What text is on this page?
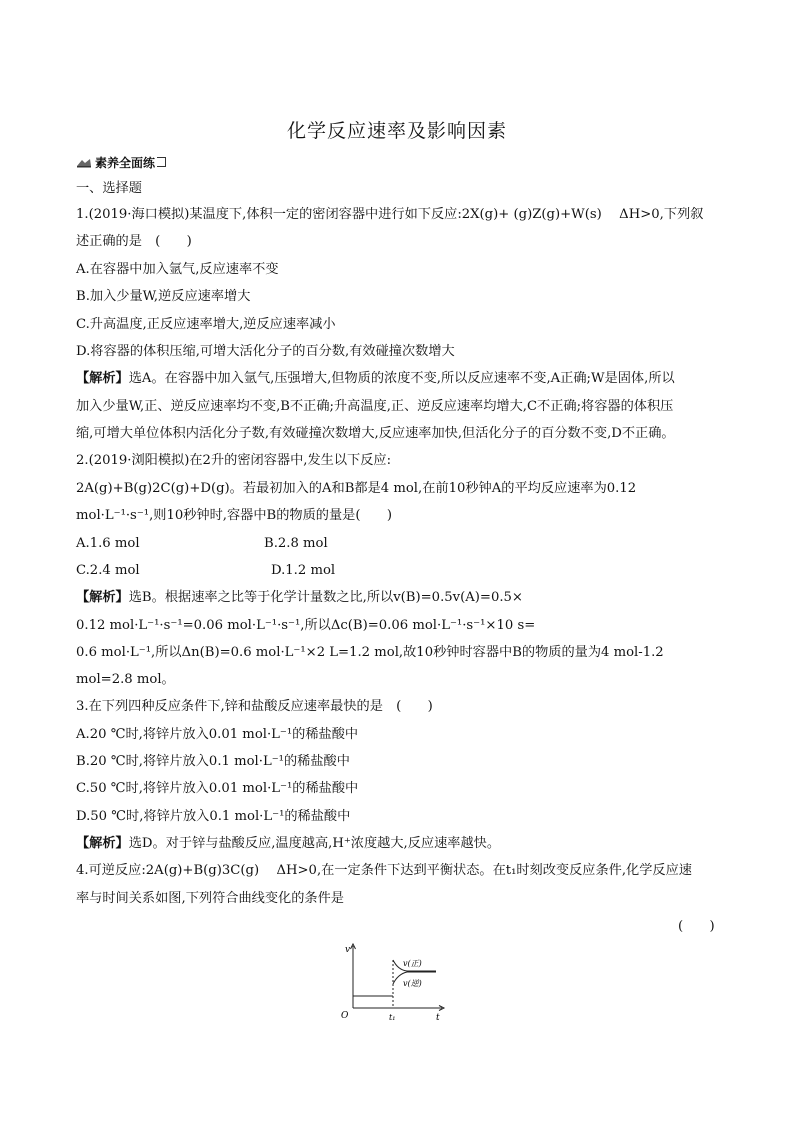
化学反应速率及影响因素
素养全面练
一、选择题
1.(2019·海口模拟)某温度下,体积一定的密闭容器中进行如下反应:2X(g)+ (g)Z(g)+W(s)　 ΔH>0,下列叙
述正确的是　(　　)
A.在容器中加入氩气,反应速率不变
B.加入少量W,逆反应速率增大
C.升高温度,正反应速率增大,逆反应速率减小
D.将容器的体积压缩,可增大活化分子的百分数,有效碰撞次数增大
【解析】选A。在容器中加入氩气,压强增大,但物质的浓度不变,所以反应速率不变,A正确;W是固体,所以
加入少量W,正、逆反应速率均不变,B不正确;升高温度,正、逆反应速率均增大,C不正确;将容器的体积压
缩,可增大单位体积内活化分子数,有效碰撞次数增大,反应速率加快,但活化分子的百分数不变,D不正确。
2.(2019·浏阳模拟)在2升的密闭容器中,发生以下反应:
2A(g)+B(g)2C(g)+D(g)。若最初加入的A和B都是4 mol,在前10秒钟A的平均反应速率为0.12
mol·L⁻¹·s⁻¹,则10秒钟时,容器中B的物质的量是(　　)
A.1.6 mol	B.2.8 mol
C.2.4 mol	D.1.2 mol
【解析】选B。根据速率之比等于化学计量数之比,所以v(B)=0.5v(A)=0.5×
0.12 mol·L⁻¹·s⁻¹=0.06 mol·L⁻¹·s⁻¹,所以Δc(B)=0.06 mol·L⁻¹·s⁻¹×10 s=
0.6 mol·L⁻¹,所以Δn(B)=0.6 mol·L⁻¹×2 L=1.2 mol,故10秒钟时容器中B的物质的量为4 mol-1.2
mol=2.8 mol。
3.在下列四种反应条件下,锌和盐酸反应速率最快的是　(　　)
A.20 ℃时,将锌片放入0.01 mol·L⁻¹的稀盐酸中
B.20 ℃时,将锌片放入0.1 mol·L⁻¹的稀盐酸中
C.50 ℃时,将锌片放入0.01 mol·L⁻¹的稀盐酸中
D.50 ℃时,将锌片放入0.1 mol·L⁻¹的稀盐酸中
【解析】选D。对于锌与盐酸反应,温度越高,H⁺浓度越大,反应速率越快。
4.可逆反应:2A(g)+B(g)3C(g)　 ΔH>0,在一定条件下达到平衡状态。在t₁时刻改变反应条件,化学反应速
率与时间关系如图,下列符合曲线变化的条件是
(　　)
v
O	t₁	t
v(正)
v(逆)
